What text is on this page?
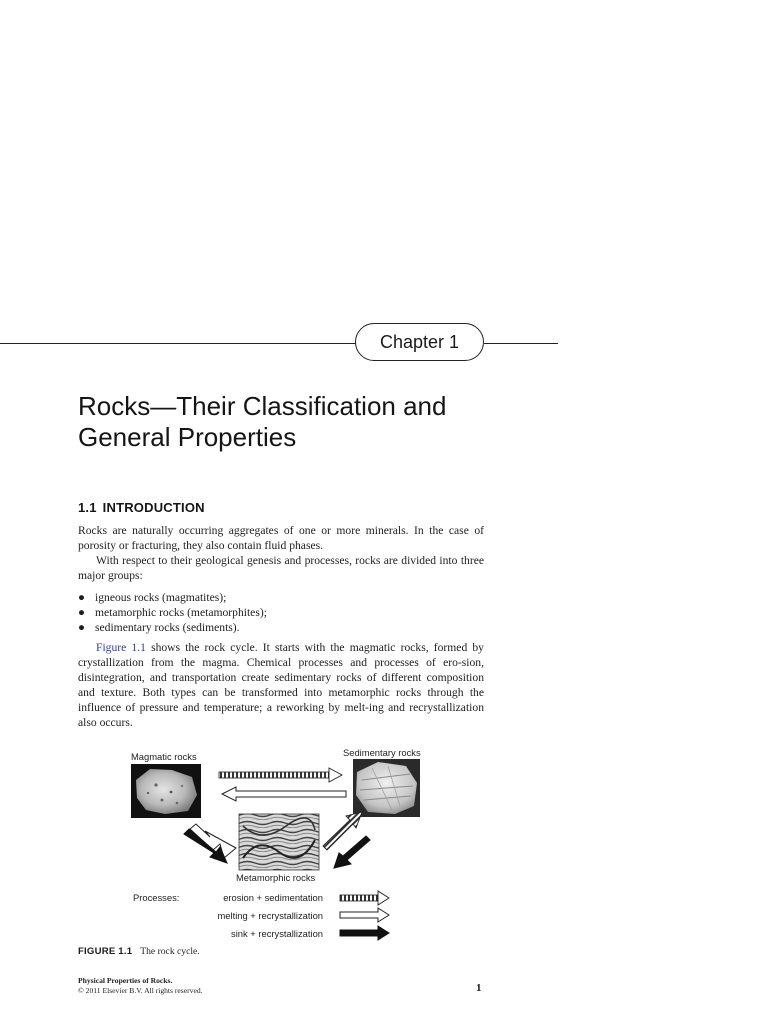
Chapter 1
Rocks—Their Classification and
General Properties
1.1 INTRODUCTION

Rocks are naturally occurring aggregates of one or more minerals. In the case of porosity or fracturing, they also contain fluid phases.

With respect to their geological genesis and processes, rocks are divided into three major groups:

● igneous rocks (magmatites);
● metamorphic rocks (metamorphites);
● sedimentary rocks (sediments).

Figure 1.1 shows the rock cycle. It starts with the magmatic rocks, formed by crystallization from the magma. Chemical processes and processes of ero-sion, disintegration, and transportation create sedimentary rocks of different composition and texture. Both types can be transformed into metamorphic rocks through the influence of pressure and temperature; a reworking by melt-ing and recrystallization also occurs.

Magmatic rocks	Sedimentary rocks
Metamorphic rocks
Processes:	erosion + sedimentation
melting + recrystallization
sink + recrystallization
FIGURE 1.1 The rock cycle.
Physical Properties of Rocks.
© 2011 Elsevier B.V. All rights reserved.	1
